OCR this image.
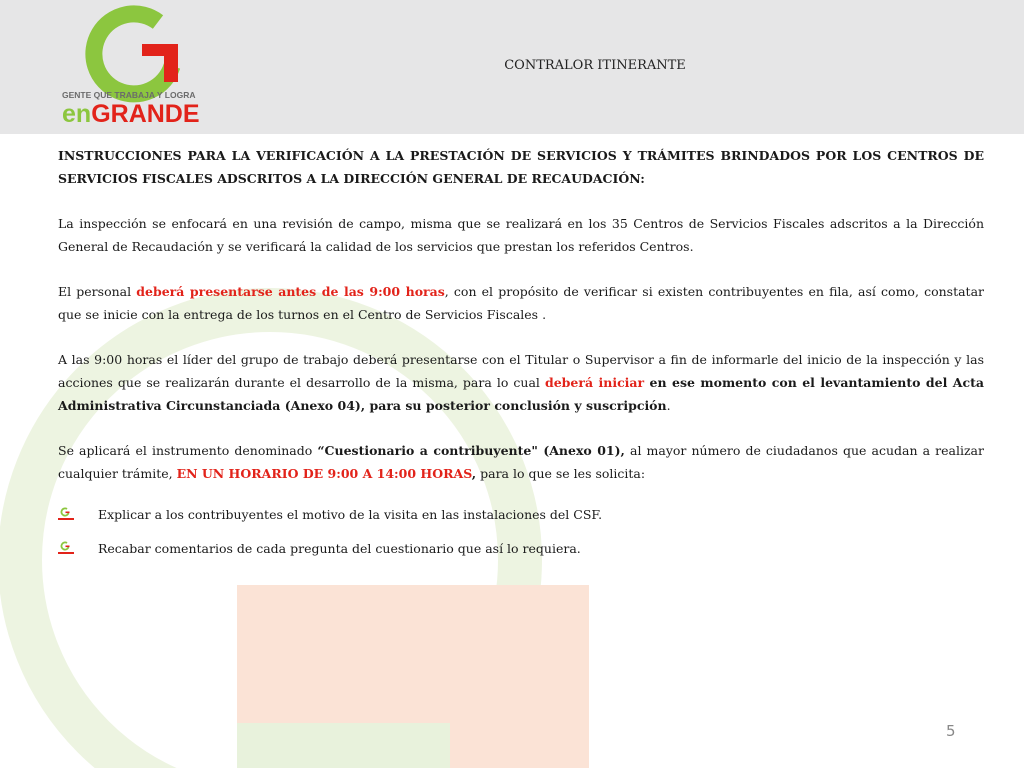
GENTE QUE TRABAJA Y LOGRA
enGRANDE
CONTRALOR ITINERANTE

INSTRUCCIONES PARA LA VERIFICACIÓN A LA PRESTACIÓN DE SERVICIOS Y TRÁMITES BRINDADOS POR LOS CENTROS DE SERVICIOS FISCALES ADSCRITOS A LA DIRECCIÓN GENERAL DE RECAUDACIÓN:

La inspección se enfocará en una revisión de campo, misma que se realizará en los 35 Centros de Servicios Fiscales adscritos a la Dirección General de Recaudación y se verificará la calidad de los servicios que prestan los referidos Centros.

El personal deberá presentarse antes de las 9:00 horas, con el propósito de verificar si existen contribuyentes en fila, así como, constatar que se inicie con la entrega de los turnos en el Centro de Servicios Fiscales .

A las 9:00 horas el líder del grupo de trabajo deberá presentarse con el Titular o Supervisor a fin de informarle del inicio de la inspección y las acciones que se realizarán durante el desarrollo de la misma, para lo cual deberá iniciar en ese momento con el levantamiento del Acta Administrativa Circunstanciada (Anexo 04), para su posterior conclusión y suscripción.

Se aplicará el instrumento denominado “Cuestionario a contribuyente" (Anexo 01), al mayor número de ciudadanos que acudan a realizar cualquier trámite, EN UN HORARIO DE 9:00 A 14:00 HORAS, para lo que se les solicita:

Explicar a los contribuyentes el motivo de la visita en las instalaciones del CSF.
Recabar comentarios de cada pregunta del cuestionario que así lo requiera.
5
